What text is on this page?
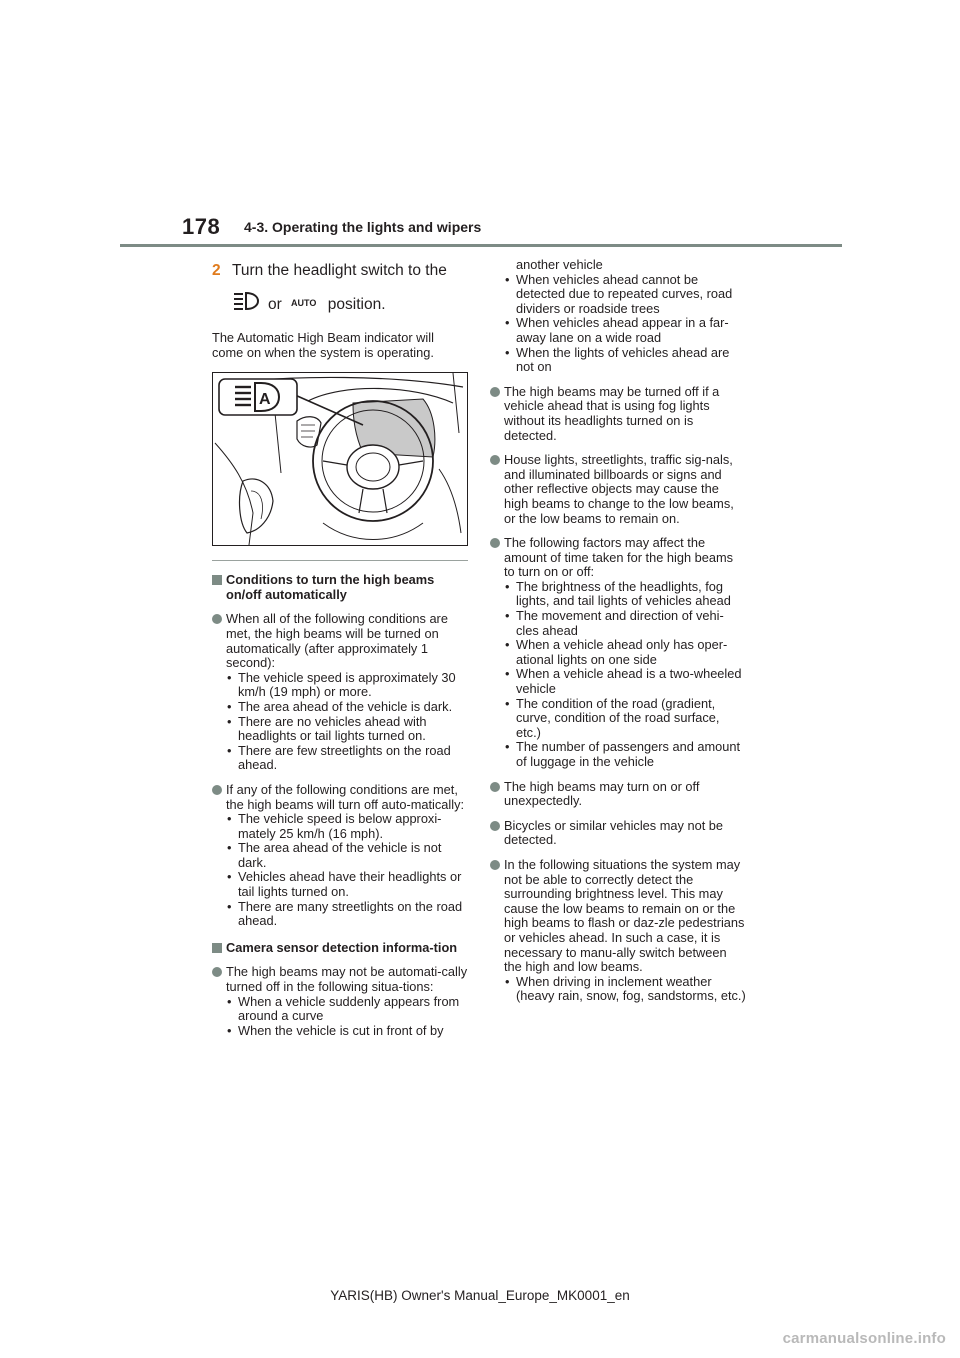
178 4-3. Operating the lights and wipers
2 Turn the headlight switch to the
or AUTO position.
The Automatic High Beam indicator will come on when the system is operating.
A
Conditions to turn the high beams on/off automatically
When all of the following conditions are met, the high beams will be turned on automatically (after approximately 1 second):
• The vehicle speed is approximately 30 km/h (19 mph) or more.
• The area ahead of the vehicle is dark.
• There are no vehicles ahead with headlights or tail lights turned on.
• There are few streetlights on the road ahead.
If any of the following conditions are met, the high beams will turn off auto-matically:
• The vehicle speed is below approxi-mately 25 km/h (16 mph).
• The area ahead of the vehicle is not dark.
• Vehicles ahead have their headlights or tail lights turned on.
• There are many streetlights on the road ahead.
Camera sensor detection informa-tion
The high beams may not be automati-cally turned off in the following situa-tions:
• When a vehicle suddenly appears from around a curve
• When the vehicle is cut in front of by
another vehicle
• When vehicles ahead cannot be detected due to repeated curves, road dividers or roadside trees
• When vehicles ahead appear in a far-away lane on a wide road
• When the lights of vehicles ahead are not on
The high beams may be turned off if a vehicle ahead that is using fog lights without its headlights turned on is detected.
House lights, streetlights, traffic sig-nals, and illuminated billboards or signs and other reflective objects may cause the high beams to change to the low beams, or the low beams to remain on.
The following factors may affect the amount of time taken for the high beams to turn on or off:
• The brightness of the headlights, fog lights, and tail lights of vehicles ahead
• The movement and direction of vehi-cles ahead
• When a vehicle ahead only has oper-ational lights on one side
• When a vehicle ahead is a two-wheeled vehicle
• The condition of the road (gradient, curve, condition of the road surface, etc.)
• The number of passengers and amount of luggage in the vehicle
The high beams may turn on or off unexpectedly.
Bicycles or similar vehicles may not be detected.
In the following situations the system may not be able to correctly detect the surrounding brightness level. This may cause the low beams to remain on or the high beams to flash or daz-zle pedestrians or vehicles ahead. In such a case, it is necessary to manu-ally switch between the high and low beams.
• When driving in inclement weather (heavy rain, snow, fog, sandstorms, etc.)
YARIS(HB) Owner's Manual_Europe_MK0001_en
carmanualsonline.info
